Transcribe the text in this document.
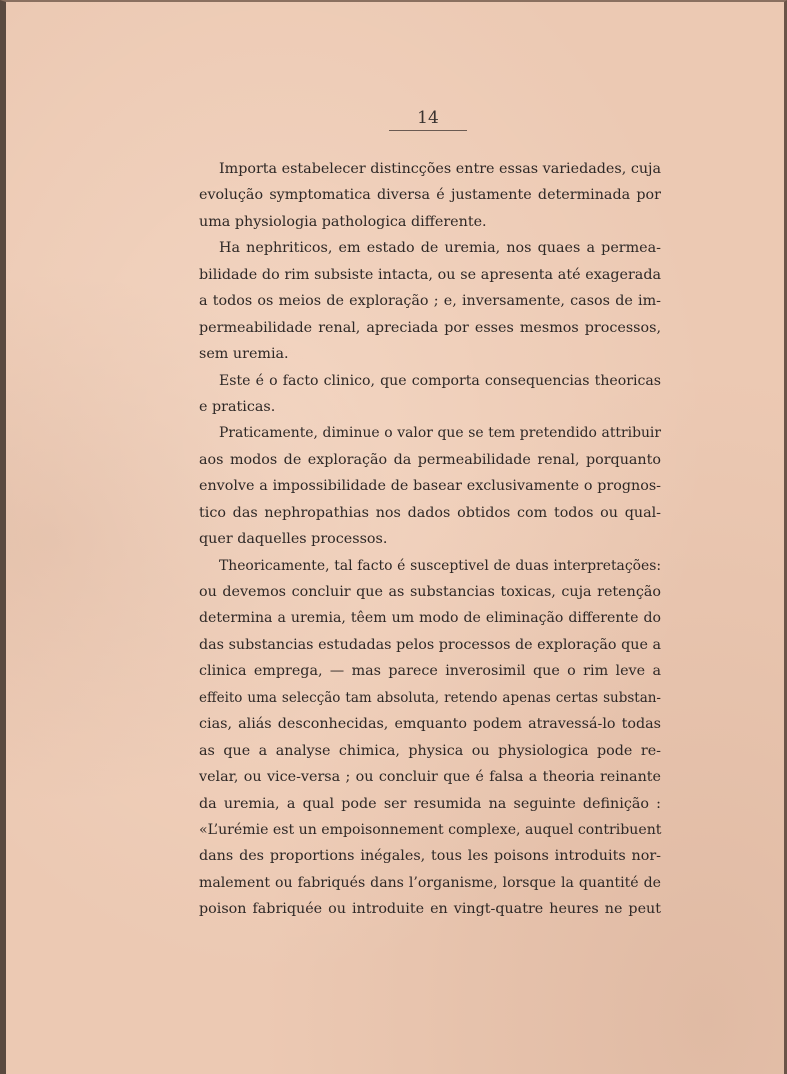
14
Importa estabelecer distincções entre essas variedades, cuja
evolução symptomatica diversa é justamente determinada por
uma physiologia pathologica differente.
Ha nephriticos, em estado de uremia, nos quaes a permea-
bilidade do rim subsiste intacta, ou se apresenta até exagerada
a todos os meios de exploração ; e, inversamente, casos de im-
permeabilidade renal, apreciada por esses mesmos processos,
sem uremia.
Este é o facto clinico, que comporta consequencias theoricas
e praticas.
Praticamente, diminue o valor que se tem pretendido attribuir
aos modos de exploração da permeabilidade renal, porquanto
envolve a impossibilidade de basear exclusivamente o prognos-
tico das nephropathias nos dados obtidos com todos ou qual-
quer daquelles processos.
Theoricamente, tal facto é susceptivel de duas interpretações:
ou devemos concluir que as substancias toxicas, cuja retenção
determina a uremia, têem um modo de eliminação differente do
das substancias estudadas pelos processos de exploração que a
clinica emprega, — mas parece inverosimil que o rim leve a
effeito uma selecção tam absoluta, retendo apenas certas substan-
cias, aliás desconhecidas, emquanto podem atravessá-lo todas
as que a analyse chimica, physica ou physiologica pode re-
velar, ou vice-versa ; ou concluir que é falsa a theoria reinante
da uremia, a qual pode ser resumida na seguinte definição :
«L’urémie est un empoisonnement complexe, auquel contribuent
dans des proportions inégales, tous les poisons introduits nor-
malement ou fabriqués dans l’organisme, lorsque la quantité de
poison fabriquée ou introduite en vingt-quatre heures ne peut
